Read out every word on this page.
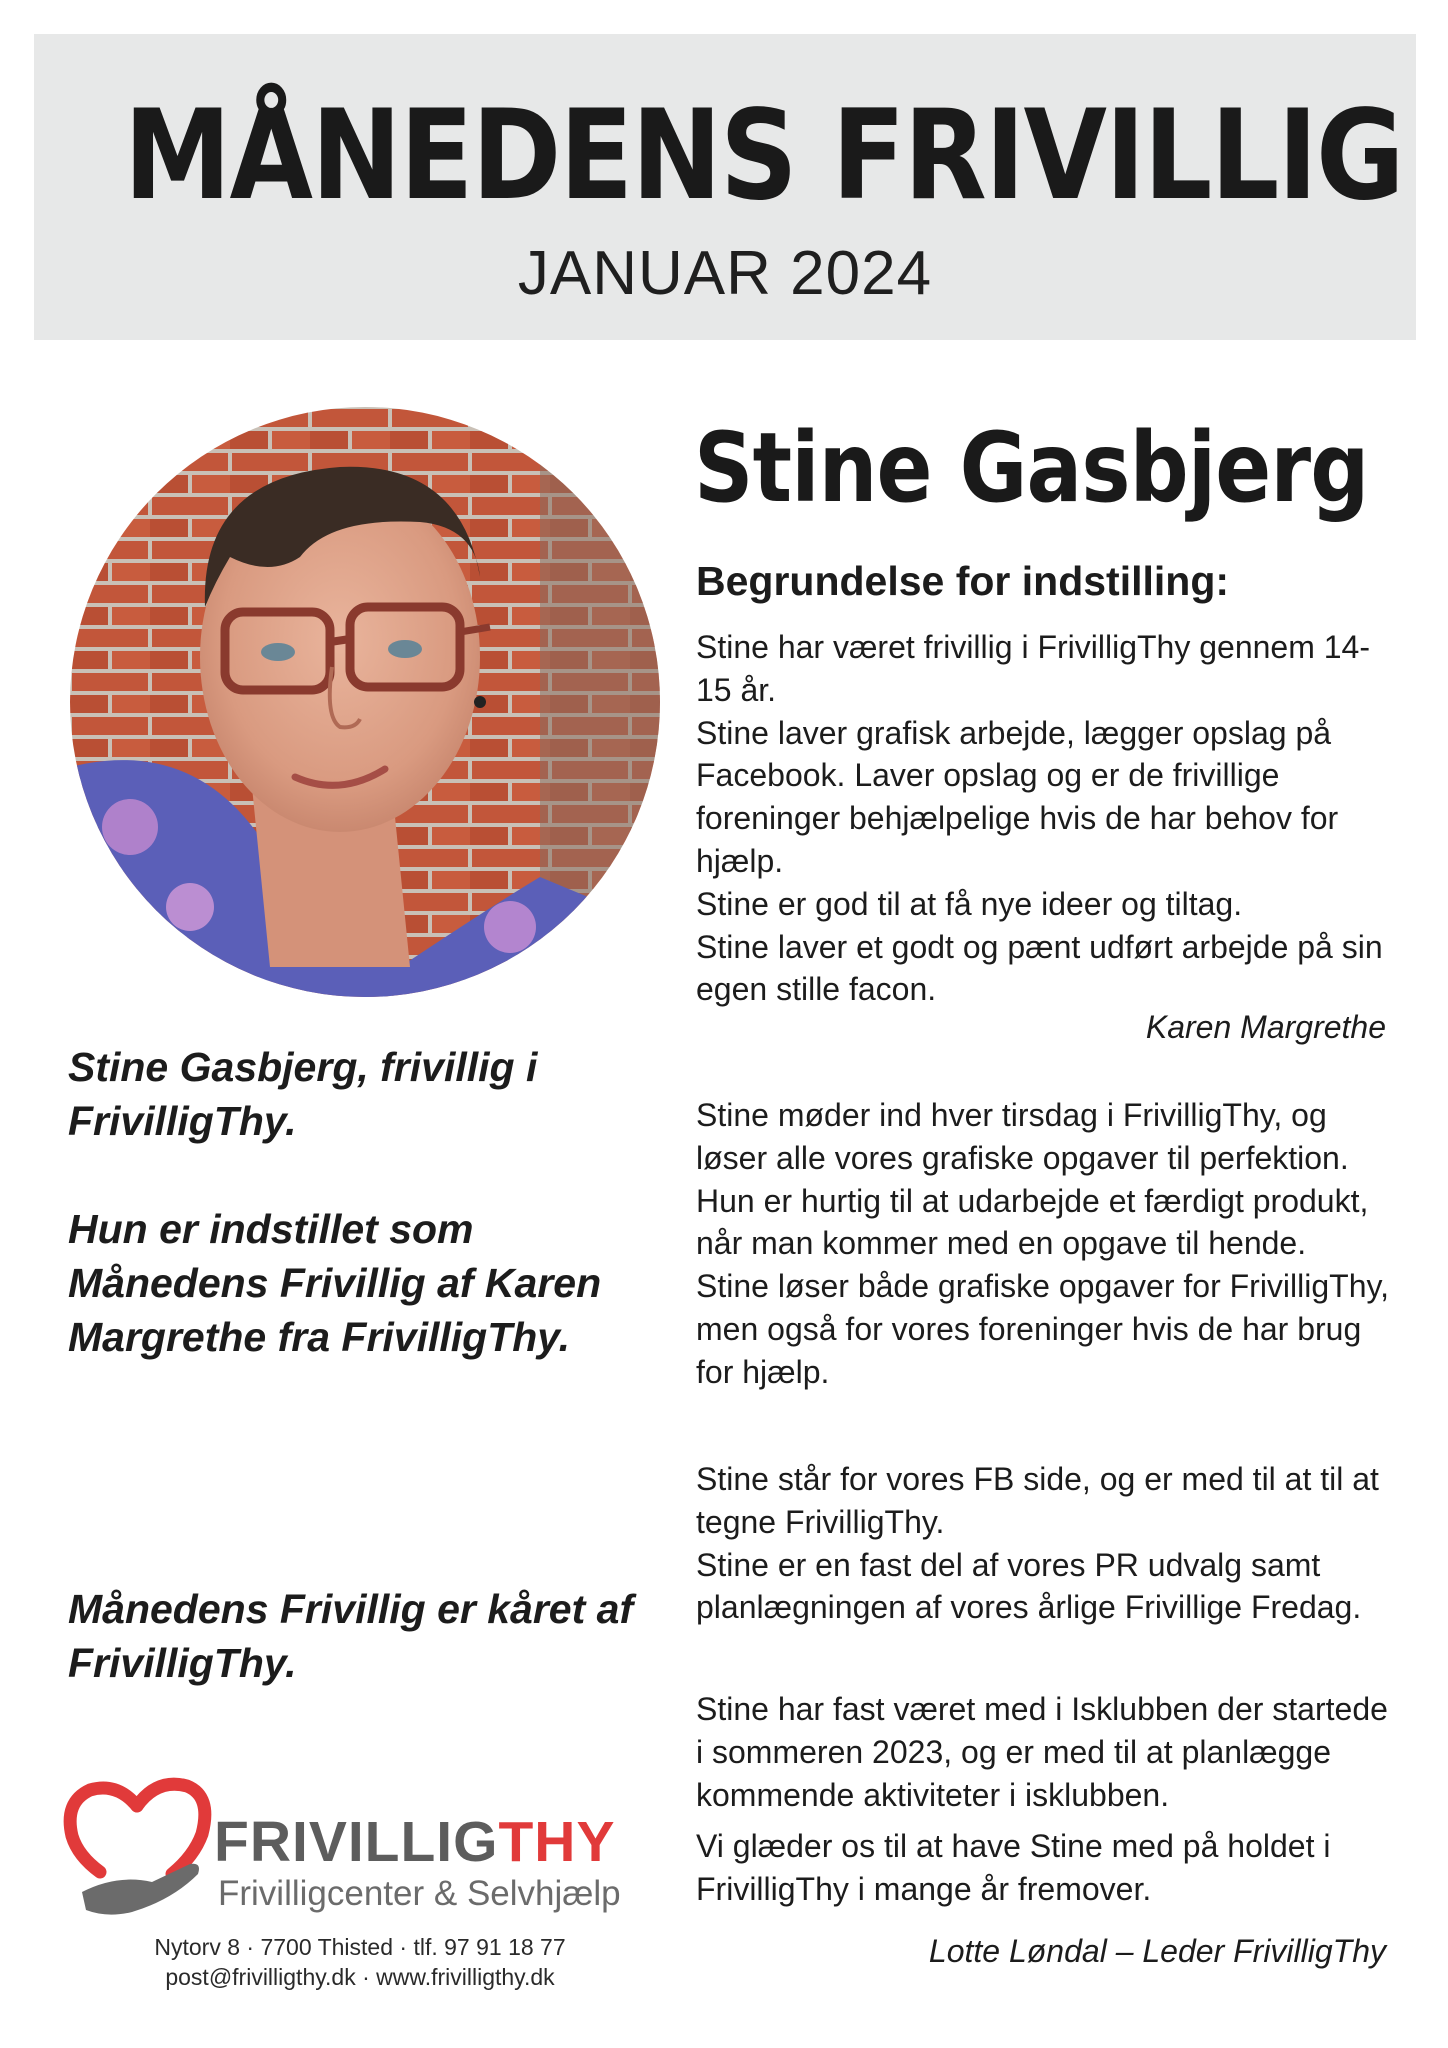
MÅNEDENS FRIVILLIG
JANUAR 2024

Stine Gasbjerg, frivillig i FrivilligThy.

Hun er indstillet som Månedens Frivillig af Karen Margrethe fra FrivilligThy.

Månedens Frivillig er kåret af FrivilligThy.

Stine Gasbjerg
Begrundelse for indstilling:

Stine har været frivillig i FrivilligThy gennem 14-15 år.

Stine laver grafisk arbejde, lægger opslag på Facebook. Laver opslag og er de frivillige foreninger behjælpelige hvis de har behov for hjælp.

Stine er god til at få nye ideer og tiltag.

Stine laver et godt og pænt udført arbejde på sin egen stille facon.

Karen Margrethe

Stine møder ind hver tirsdag i FrivilligThy, og løser alle vores grafiske opgaver til perfektion. Hun er hurtig til at udarbejde et færdigt produkt, når man kommer med en opgave til hende.

Stine løser både grafiske opgaver for FrivilligThy, men også for vores foreninger hvis de har brug for hjælp.

Stine står for vores FB side, og er med til at til at tegne FrivilligThy.

Stine er en fast del af vores PR udvalg samt planlægningen af vores årlige Frivillige Fredag.

Stine har fast været med i Isklubben der startede i sommeren 2023, og er med til at planlægge kommende aktiviteter i isklubben.

Vi glæder os til at have Stine med på holdet i FrivilligThy i mange år fremover.

Lotte Løndal – Leder FrivilligThy
FRIVILLIGTHY
Frivilligcenter & Selvhjælp
Nytorv 8 · 7700 Thisted · tlf. 97 91 18 77
post@frivilligthy.dk · www.frivilligthy.dk
